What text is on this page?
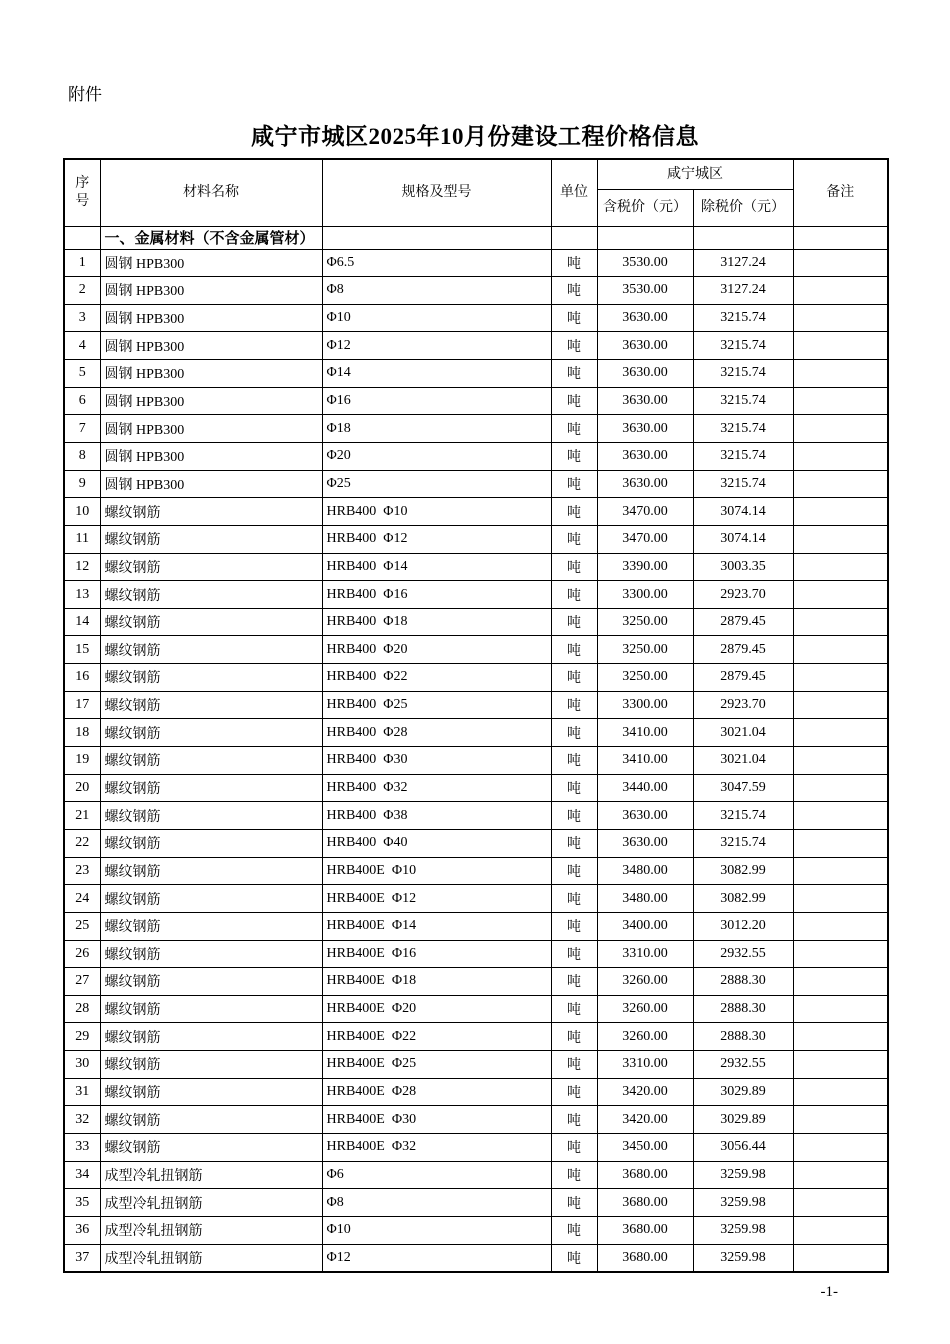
附件
咸宁市城区2025年10月份建设工程价格信息
序号	材料名称	规格及型号	单位	咸宁城区		备注
				含税价（元）	除税价（元）	
	一、金属材料（不含金属管材）					
1	圆钢 HPB300	Φ6.5	吨	3530.00	3127.24	
2	圆钢 HPB300	Φ8	吨	3530.00	3127.24	
3	圆钢 HPB300	Φ10	吨	3630.00	3215.74	
4	圆钢 HPB300	Φ12	吨	3630.00	3215.74	
5	圆钢 HPB300	Φ14	吨	3630.00	3215.74	
6	圆钢 HPB300	Φ16	吨	3630.00	3215.74	
7	圆钢 HPB300	Φ18	吨	3630.00	3215.74	
8	圆钢 HPB300	Φ20	吨	3630.00	3215.74	
9	圆钢 HPB300	Φ25	吨	3630.00	3215.74	
10	螺纹钢筋	HRB400  Φ10	吨	3470.00	3074.14	
11	螺纹钢筋	HRB400  Φ12	吨	3470.00	3074.14	
12	螺纹钢筋	HRB400  Φ14	吨	3390.00	3003.35	
13	螺纹钢筋	HRB400  Φ16	吨	3300.00	2923.70	
14	螺纹钢筋	HRB400  Φ18	吨	3250.00	2879.45	
15	螺纹钢筋	HRB400  Φ20	吨	3250.00	2879.45	
16	螺纹钢筋	HRB400  Φ22	吨	3250.00	2879.45	
17	螺纹钢筋	HRB400  Φ25	吨	3300.00	2923.70	
18	螺纹钢筋	HRB400  Φ28	吨	3410.00	3021.04	
19	螺纹钢筋	HRB400  Φ30	吨	3410.00	3021.04	
20	螺纹钢筋	HRB400  Φ32	吨	3440.00	3047.59	
21	螺纹钢筋	HRB400  Φ38	吨	3630.00	3215.74	
22	螺纹钢筋	HRB400  Φ40	吨	3630.00	3215.74	
23	螺纹钢筋	HRB400E  Φ10	吨	3480.00	3082.99	
24	螺纹钢筋	HRB400E  Φ12	吨	3480.00	3082.99	
25	螺纹钢筋	HRB400E  Φ14	吨	3400.00	3012.20	
26	螺纹钢筋	HRB400E  Φ16	吨	3310.00	2932.55	
27	螺纹钢筋	HRB400E  Φ18	吨	3260.00	2888.30	
28	螺纹钢筋	HRB400E  Φ20	吨	3260.00	2888.30	
29	螺纹钢筋	HRB400E  Φ22	吨	3260.00	2888.30	
30	螺纹钢筋	HRB400E  Φ25	吨	3310.00	2932.55	
31	螺纹钢筋	HRB400E  Φ28	吨	3420.00	3029.89	
32	螺纹钢筋	HRB400E  Φ30	吨	3420.00	3029.89	
33	螺纹钢筋	HRB400E  Φ32	吨	3450.00	3056.44	
34	成型冷轧扭钢筋	Φ6	吨	3680.00	3259.98	
35	成型冷轧扭钢筋	Φ8	吨	3680.00	3259.98	
36	成型冷轧扭钢筋	Φ10	吨	3680.00	3259.98	
37	成型冷轧扭钢筋	Φ12	吨	3680.00	3259.98	
-1-
